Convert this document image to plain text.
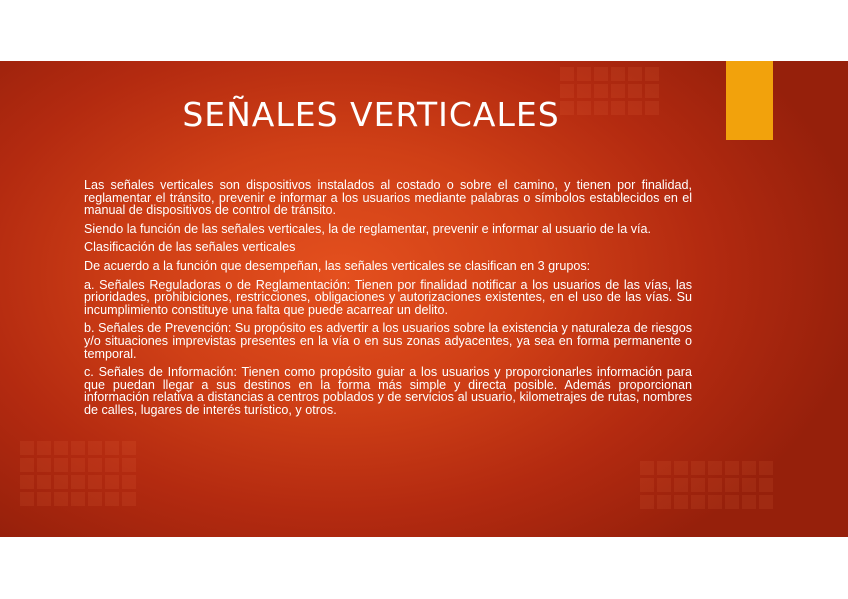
SEÑALES VERTICALES

Las señales verticales son dispositivos instalados al costado o sobre el camino, y tienen por finalidad, reglamentar el tránsito, prevenir e informar a los usuarios mediante palabras o símbolos establecidos en el manual de dispositivos de control de tránsito.

Siendo la función de las señales verticales, la de reglamentar, prevenir e informar al usuario de la vía.

Clasificación de las señales verticales

De acuerdo a la función que desempeñan, las señales verticales se clasifican en 3 grupos:

a. Señales Reguladoras o de Reglamentación: Tienen por finalidad notificar a los usuarios de las vías, las prioridades, prohibiciones, restricciones, obligaciones y autorizaciones existentes, en el uso de las vías. Su incumplimiento constituye una falta que puede acarrear un delito.

b. Señales de Prevención: Su propósito es advertir a los usuarios sobre la existencia y naturaleza de riesgos y/o situaciones imprevistas presentes en la vía o en sus zonas adyacentes, ya sea en forma permanente o temporal.

c. Señales de Información: Tienen como propósito guiar a los usuarios y proporcionarles información para que puedan llegar a sus destinos en la forma más simple y directa posible. Además proporcionan información relativa a distancias a centros poblados y de servicios al usuario, kilometrajes de rutas, nombres de calles, lugares de interés turístico, y otros.
